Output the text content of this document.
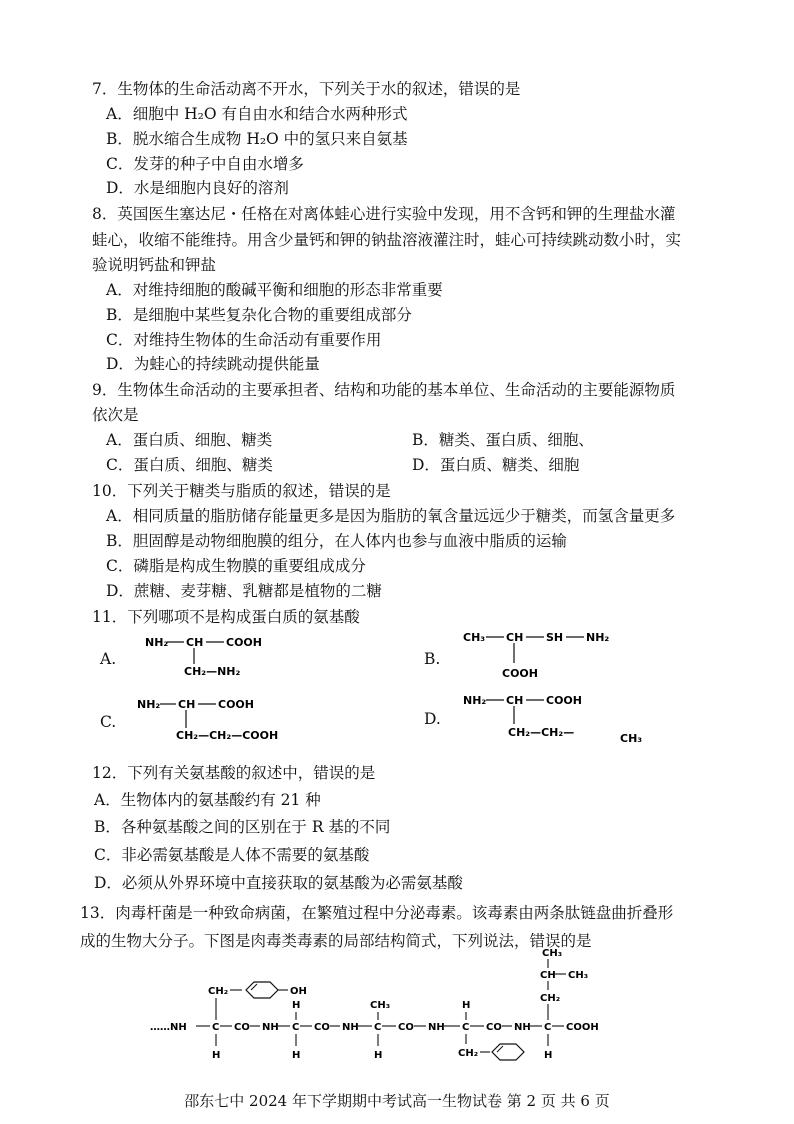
7．生物体的生命活动离不开水，下列关于水的叙述，错误的是
A．细胞中 H₂O 有自由水和结合水两种形式
B．脱水缩合生成物 H₂O 中的氢只来自氨基
C．发芽的种子中自由水增多
D．水是细胞内良好的溶剂
8．英国医生塞达尼・任格在对离体蛙心进行实验中发现，用不含钙和钾的生理盐水灌
蛙心，收缩不能维持。用含少量钙和钾的钠盐溶液灌注时，蛙心可持续跳动数小时，实
验说明钙盐和钾盐
A．对维持细胞的酸碱平衡和细胞的形态非常重要
B．是细胞中某些复杂化合物的重要组成部分
C．对维持生物体的生命活动有重要作用
D．为蛙心的持续跳动提供能量
9．生物体生命活动的主要承担者、结构和功能的基本单位、生命活动的主要能源物质
依次是
A．蛋白质、细胞、糖类	B．糖类、蛋白质、细胞、
C．蛋白质、细胞、糖类	D．蛋白质、糖类、细胞
10．下列关于糖类与脂质的叙述，错误的是
A．相同质量的脂肪储存能量更多是因为脂肪的氧含量远远少于糖类，而氢含量更多
B．胆固醇是动物细胞膜的组分，在人体内也参与血液中脂质的运输
C．磷脂是构成生物膜的重要组成成分
D．蔗糖、麦芽糖、乳糖都是植物的二糖
11．下列哪项不是构成蛋白质的氨基酸
A.
NH₂ CH COOH
CH₂—NH₂
B.
CH₃ CH SH NH₂
COOH
C.
NH₂ CH COOH
CH₂—CH₂—COOH
D.
NH₂ CH COOH
CH₂—CH₂—	CH₃
12．下列有关氨基酸的叙述中，错误的是
A．生物体内的氨基酸约有 21 种
B．各种氨基酸之间的区别在于 R 基的不同
C．非必需氨基酸是人体不需要的氨基酸
D．必须从外界环境中直接获取的氨基酸为必需氨基酸
13．肉毒杆菌是一种致命病菌，在繁殖过程中分泌毒素。该毒素由两条肽链盘曲折叠形
成的生物大分子。下图是肉毒类毒素的局部结构简式，下列说法，错误的是
……NH	C CO NH C CO NH C CO NH C CO NH C COOH
CH₂	OH
H
H
H
CH₃
H
H
CH₂
CH₃
CH CH₃
CH₂
H
邵东七中 2024 年下学期期中考试高一生物试卷 第 2 页 共 6 页
